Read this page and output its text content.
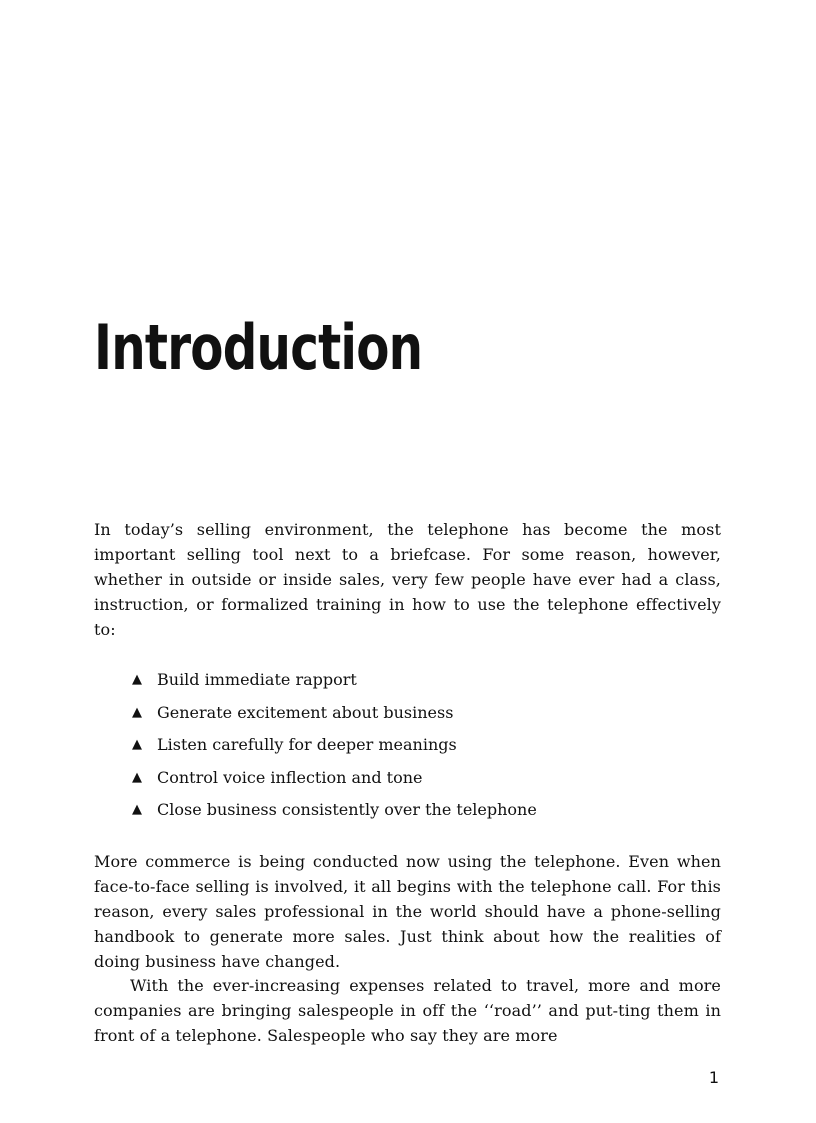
Introduction

In today’s selling environment, the telephone has become the most important selling tool next to a briefcase. For some reason, however, whether in outside or inside sales, very few people have ever had a class, instruction, or formalized training in how to use the telephone effectively to:

▲ Build immediate rapport
▲ Generate excitement about business
▲ Listen carefully for deeper meanings
▲ Control voice inflection and tone
▲ Close business consistently over the telephone

More commerce is being conducted now using the telephone. Even when face-to-face selling is involved, it all begins with the telephone call. For this reason, every sales professional in the world should have a phone-selling handbook to generate more sales. Just think about how the realities of doing business have changed.

With the ever-increasing expenses related to travel, more and more companies are bringing salespeople in off the ‘‘road’’ and put-ting them in front of a telephone. Salespeople who say they are more

1
